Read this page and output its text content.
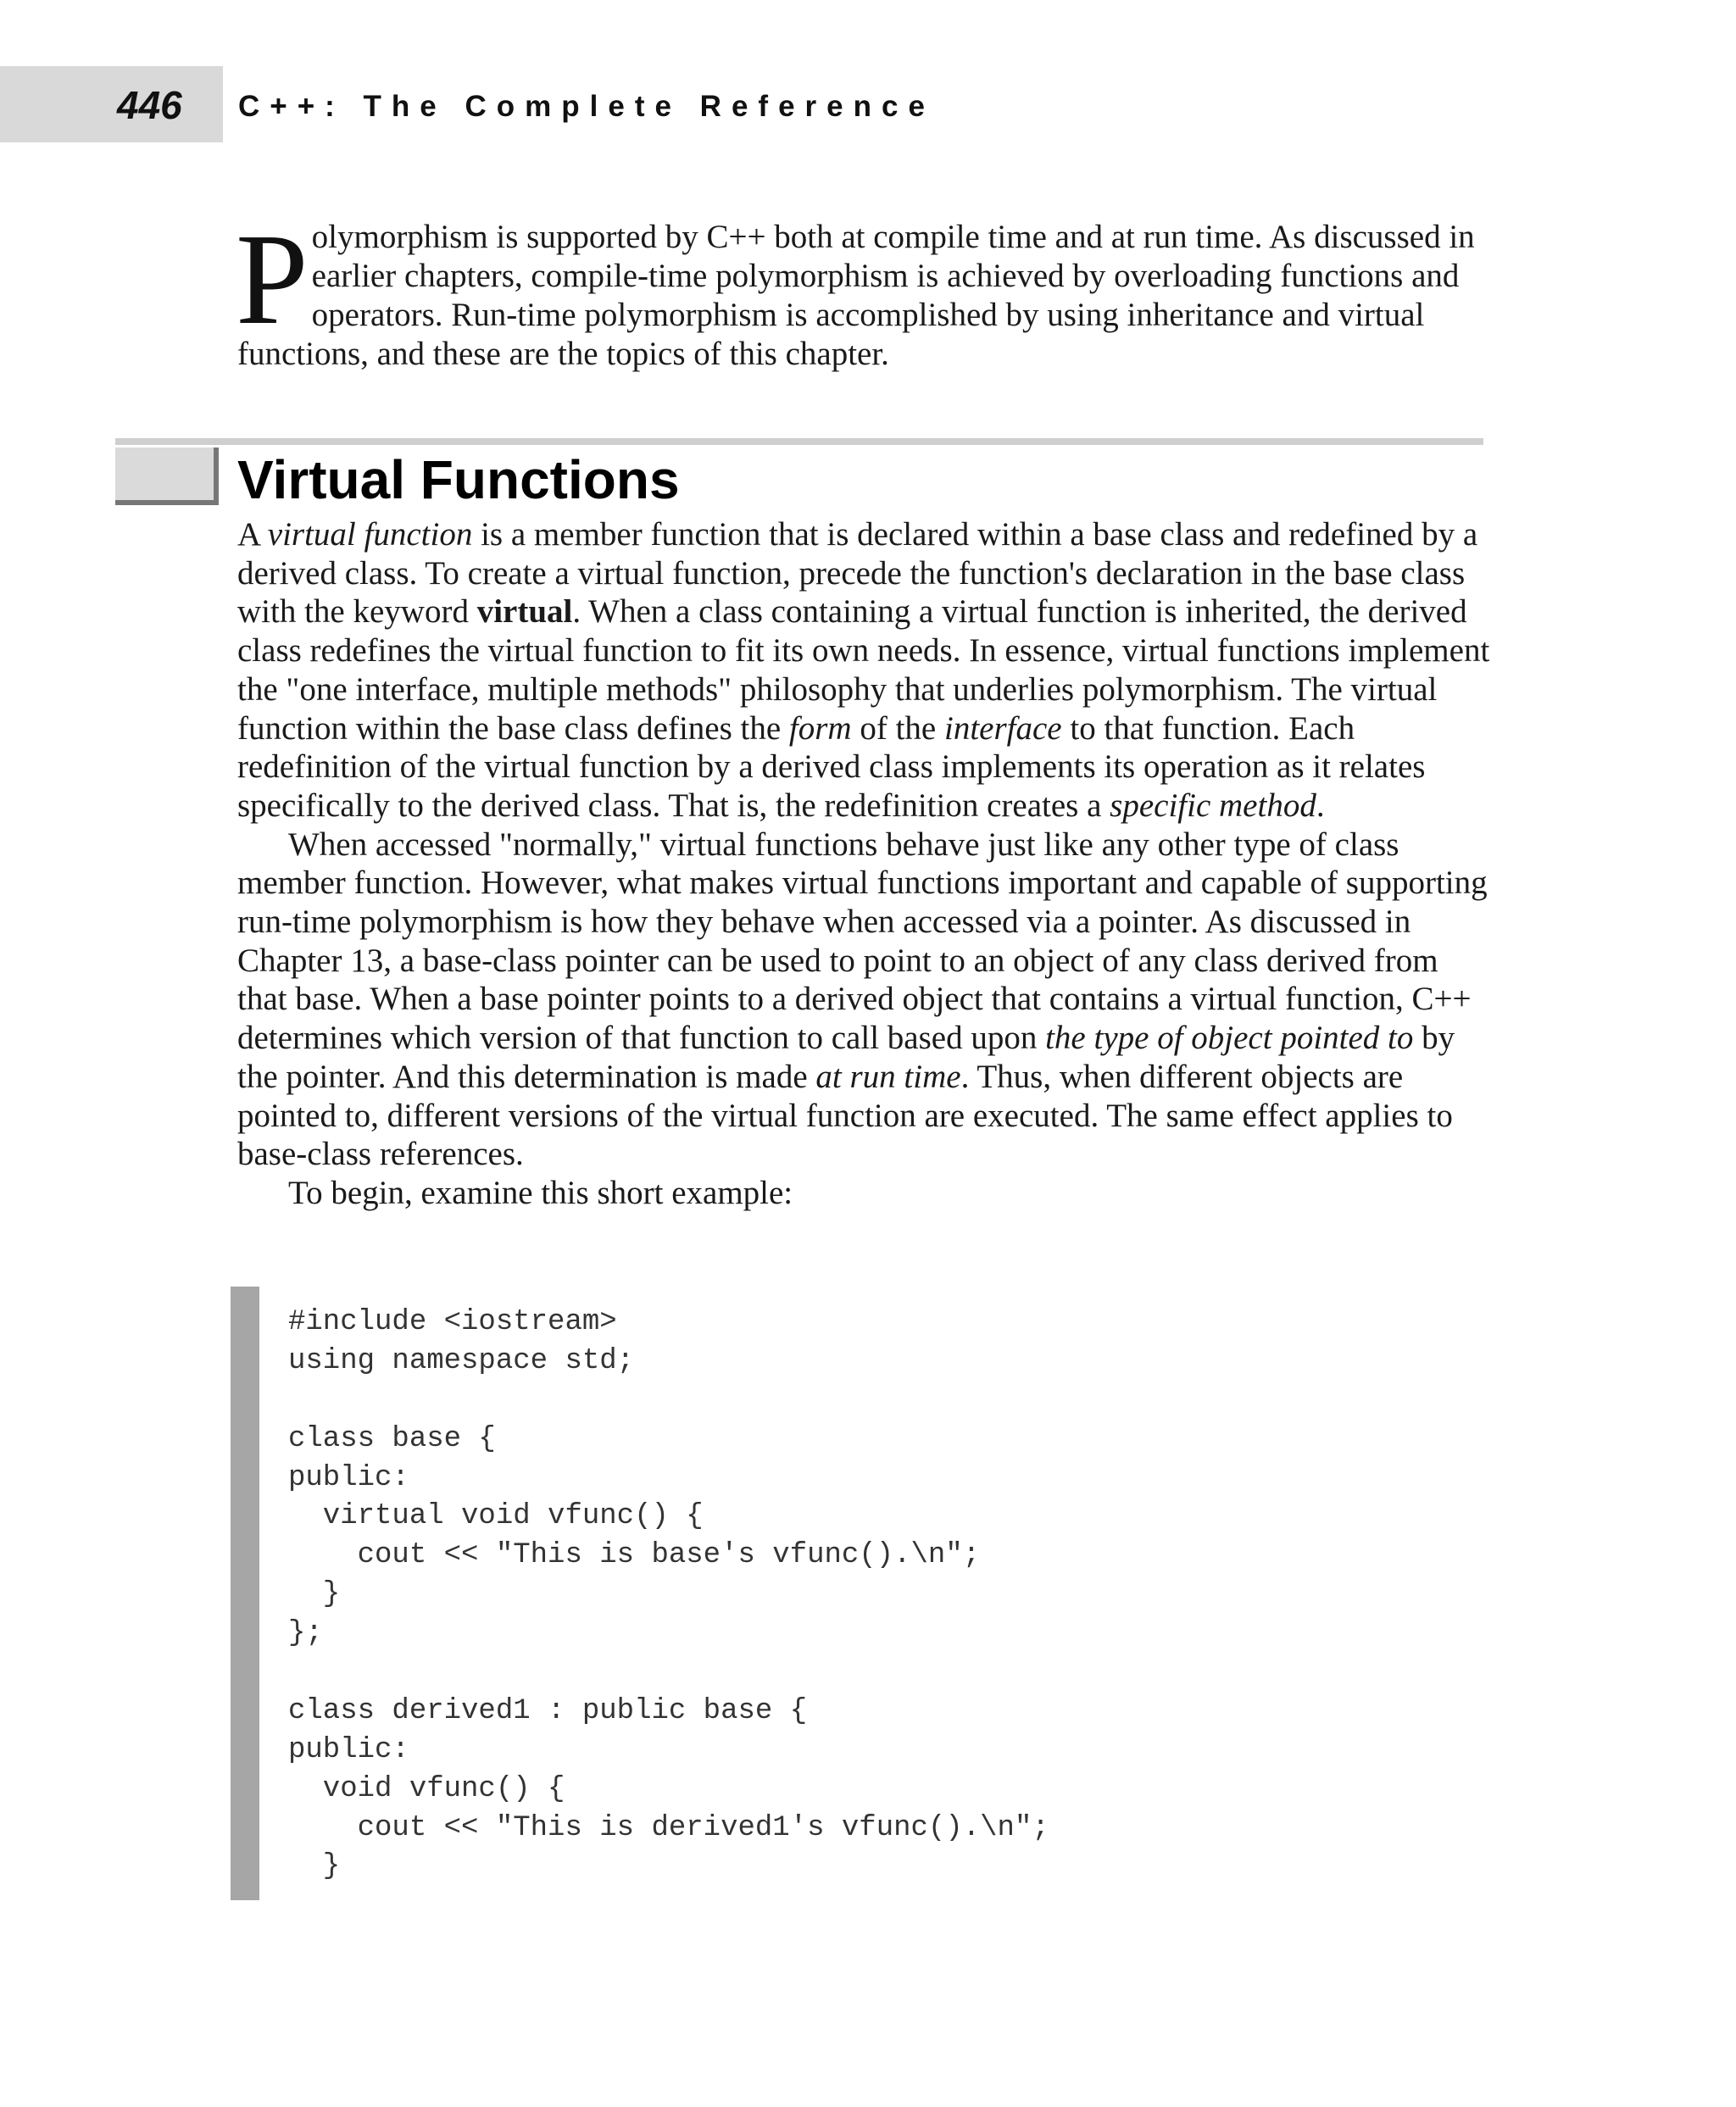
446 C++: The Complete Reference
Polymorphism is supported by C++ both at compile time and at run time. As discussed in earlier chapters, compile-time polymorphism is achieved by overloading functions and operators. Run-time polymorphism is accomplished by using inheritance and virtual functions, and these are the topics of this chapter.
Virtual Functions

A virtual function is a member function that is declared within a base class and redefined by a derived class. To create a virtual function, precede the function's declaration in the base class with the keyword virtual. When a class containing a virtual function is inherited, the derived class redefines the virtual function to fit its own needs. In essence, virtual functions implement the "one interface, multiple methods" philosophy that underlies polymorphism. The virtual function within the base class defines the form of the interface to that function. Each redefinition of the virtual function by a derived class implements its operation as it relates specifically to the derived class. That is, the redefinition creates a specific method.

When accessed "normally," virtual functions behave just like any other type of class member function. However, what makes virtual functions important and capable of supporting run-time polymorphism is how they behave when accessed via a pointer. As discussed in Chapter 13, a base-class pointer can be used to point to an object of any class derived from that base. When a base pointer points to a derived object that contains a virtual function, C++ determines which version of that function to call based upon the type of object pointed to by the pointer. And this determination is made at run time. Thus, when different objects are pointed to, different versions of the virtual function are executed. The same effect applies to base-class references.

To begin, examine this short example:

#include <iostream>
using namespace std;
class base {
public:
virtual void vfunc() {
cout << "This is base's vfunc().\n";
}
};
class derived1 : public base {
public:
void vfunc() {
cout << "This is derived1's vfunc().\n";
}
